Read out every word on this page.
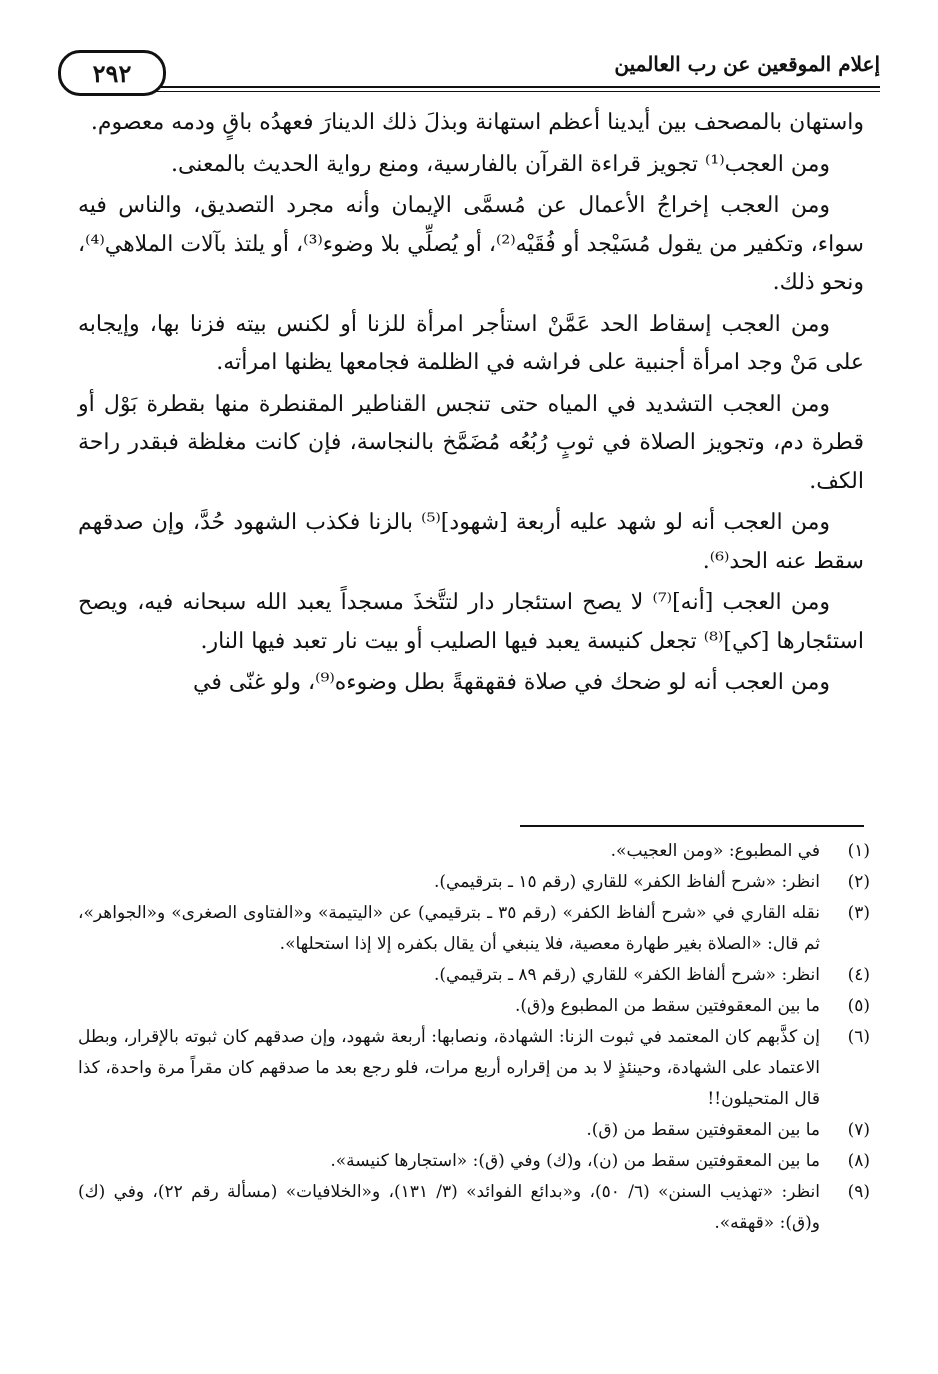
٢٩٢	إعلام الموقعين عن رب العالمين

واستهان بالمصحف بين أيدينا أعظم استهانة وبذلَ ذلك الدينارَ فعهدُه باقٍ ودمه معصوم.

ومن العجب⁽¹⁾ تجويز قراءة القرآن بالفارسية، ومنع رواية الحديث بالمعنى.

ومن العجب إخراجُ الأعمال عن مُسمَّى الإيمان وأنه مجرد التصديق، والناس فيه سواء، وتكفير من يقول مُسَيْجد أو فُقَيْه⁽²⁾، أو يُصلِّي بلا وضوء⁽³⁾، أو يلتذ بآلات الملاهي⁽⁴⁾، ونحو ذلك.

ومن العجب إسقاط الحد عَمَّنْ استأجر امرأة للزنا أو لكنس بيته فزنا بها، وإيجابه على مَنْ وجد امرأة أجنبية على فراشه في الظلمة فجامعها يظنها امرأته.

ومن العجب التشديد في المياه حتى تنجس القناطير المقنطرة منها بقطرة بَوْل أو قطرة دم، وتجويز الصلاة في ثوبٍ رُبُعُه مُضَمَّخ بالنجاسة، فإن كانت مغلظة فبقدر راحة الكف.

ومن العجب أنه لو شهد عليه أربعة [شهود]⁽⁵⁾ بالزنا فكذب الشهود حُدَّ، وإن صدقهم سقط عنه الحد⁽⁶⁾.

ومن العجب [أنه]⁽⁷⁾ لا يصح استئجار دار لتتَّخذَ مسجداً يعبد الله سبحانه فيه، ويصح استئجارها [كي]⁽⁸⁾ تجعل كنيسة يعبد فيها الصليب أو بيت نار تعبد فيها النار.

ومن العجب أنه لو ضحك في صلاة فقهقهةً بطل وضوءه⁽⁹⁾، ولو غنّى في

(١)
في المطبوع: «ومن العجيب».
(٢)
انظر: «شرح ألفاظ الكفر» للقاري (رقم ١٥ ـ بترقيمي).
(٣)
نقله القاري في «شرح ألفاظ الكفر» (رقم ٣٥ ـ بترقيمي) عن «اليتيمة» و«الفتاوى الصغرى» و«الجواهر»، ثم قال: «الصلاة بغير طهارة معصية، فلا ينبغي أن يقال بكفره إلا إذا استحلها».
(٤)
انظر: «شرح ألفاظ الكفر» للقاري (رقم ٨٩ ـ بترقيمي).
(٥)
ما بين المعقوفتين سقط من المطبوع و(ق).
(٦)
إن كذَّبهم كان المعتمد في ثبوت الزنا: الشهادة، ونصابها: أربعة شهود، وإن صدقهم كان ثبوته بالإقرار، وبطل الاعتماد على الشهادة، وحينئذٍ لا بد من إقراره أربع مرات، فلو رجع بعد ما صدقهم كان مقراً مرة واحدة، كذا قال المتحيلون!!
(٧)
ما بين المعقوفتين سقط من (ق).
(٨)
ما بين المعقوفتين سقط من (ن)، و(ك) وفي (ق): «استجارها كنيسة».
(٩)
انظر: «تهذيب السنن» (٦/ ٥٠)، و«بدائع الفوائد» (٣/ ١٣١)، و«الخلافيات» (مسألة رقم ٢٢)، وفي (ك) و(ق): «قهقه».
